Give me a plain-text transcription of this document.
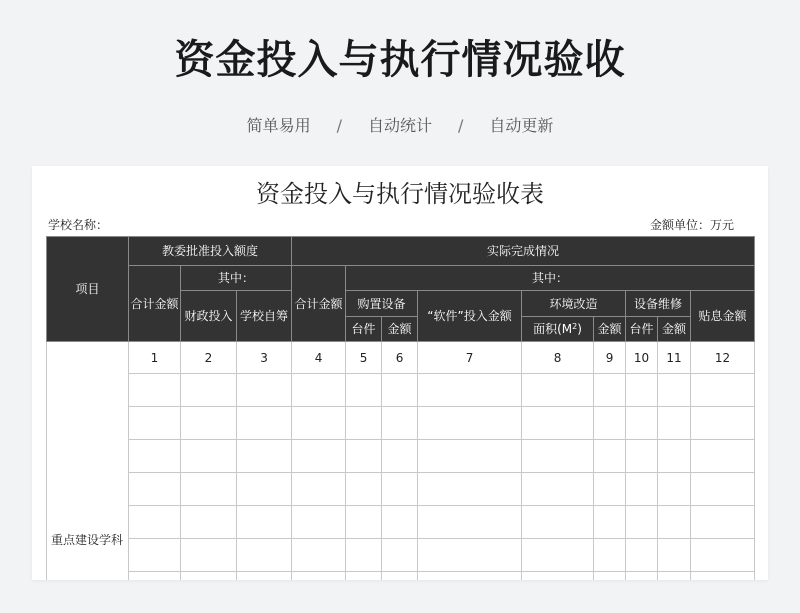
资金投入与执行情况验收
简单易用 / 自动统计 / 自动更新
资金投入与执行情况验收表
学校名称：	金额单位：万元
项目	教委批准投入额度			实际完成情况								
	合计金额	其中：		合计金额	其中：							
		财政投入	学校自筹		购置设备		“软件”投入金额	环境改造		设备维修		贴息金额
					台件	金额		面积$(M^2)$	金额	台件	金额	
重点建设学科	1	2	3	4	5	6	7	8	9	10	11	12
